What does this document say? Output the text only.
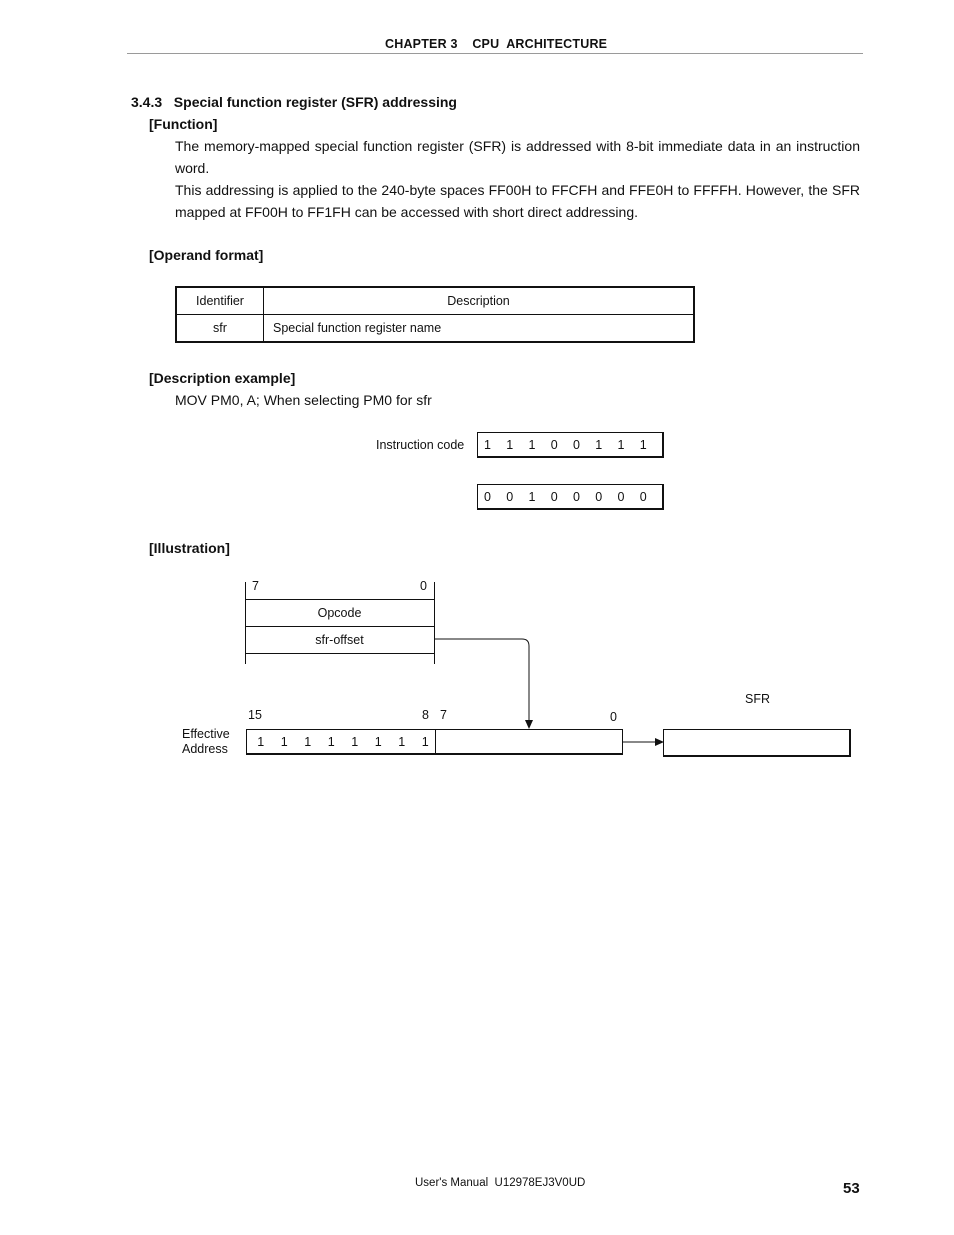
CHAPTER 3    CPU  ARCHITECTURE
3.4.3   Special function register (SFR) addressing
[Function]
The memory-mapped special function register (SFR) is addressed with 8-bit immediate data in an instruction word.
This addressing is applied to the 240-byte spaces FF00H to FFCFH and FFE0H to FFFFH. However, the SFR mapped at FF00H to FF1FH can be accessed with short direct addressing.
[Operand format]
Identifier	Description
sfr	Special function register name
[Description example]
MOV PM0, A; When selecting PM0 for sfr
Instruction code 1	1	1	0	0	1	1	1
0	0	1	0	0	0	0	0
[Illustration]
7	0
Opcode
sfr-offset
SFR
15	8 7	0
Effective
Address	1	1	1	1	1	1	1	1
User's Manual  U12978EJ3V0UD	53
